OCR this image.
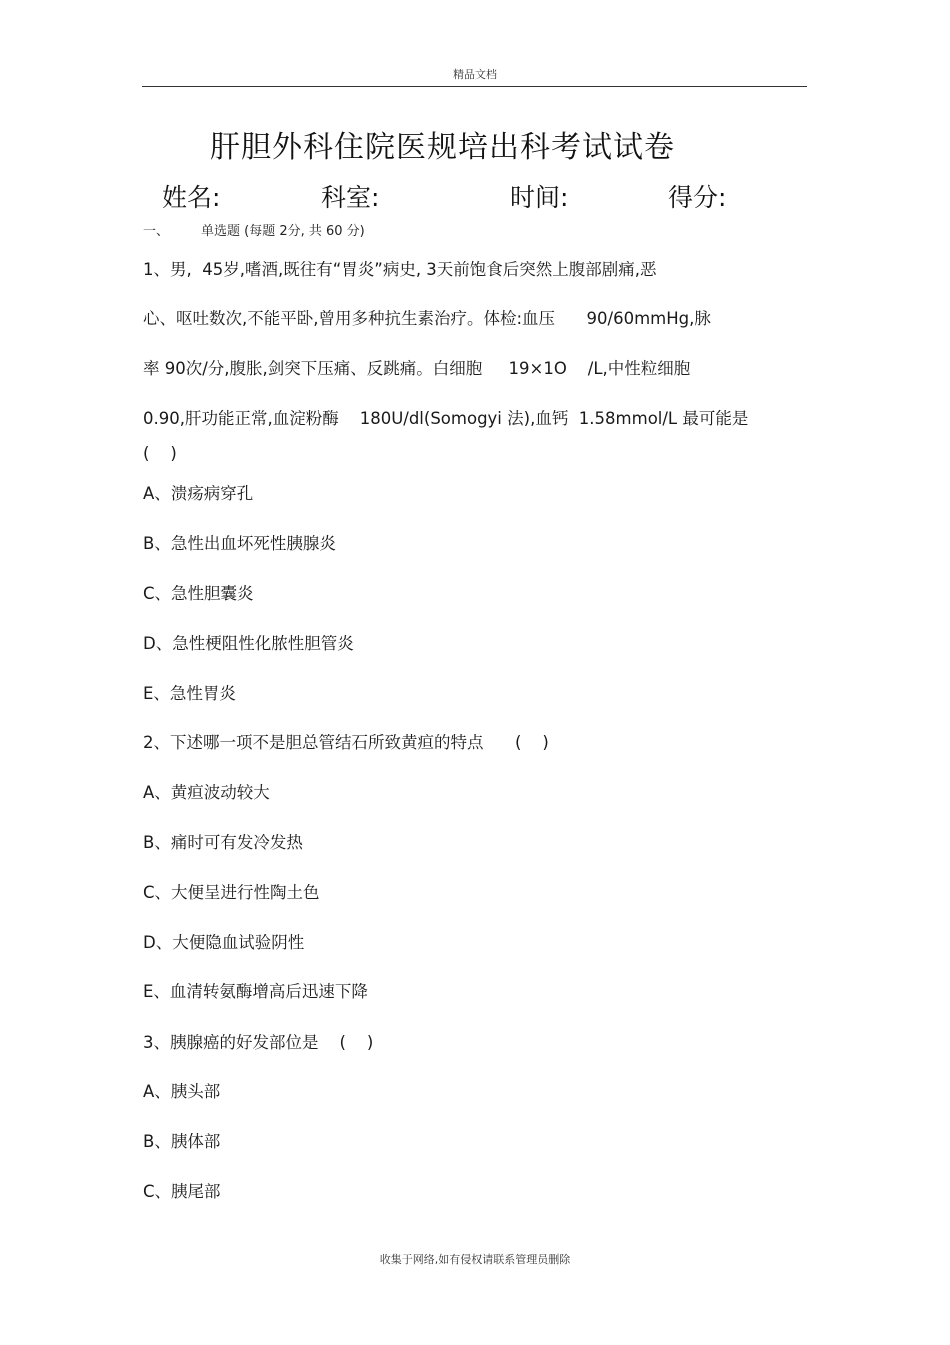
精品文档
肝胆外科住院医规培出科考试试卷
姓名:	科室:	时间:	得分:
一、 单选题 (每题 2分, 共 60 分)
1、男,  45岁,嗜酒,既往有“胃炎”病史, 3天前饱食后突然上腹部剧痛,恶
心、呕吐数次,不能平卧,曾用多种抗生素治疗。体检:血压      90/60mmHg,脉
率 90次/分,腹胀,剑突下压痛、反跳痛。白细胞     19×1O    /L,中性粒细胞
0.90,肝功能正常,血淀粉酶    180U/dl(Somogyi 法),血钙  1.58mmol/L 最可能是
(    )
A、溃疡病穿孔
B、急性出血坏死性胰腺炎
C、急性胆囊炎
D、急性梗阻性化脓性胆管炎
E、急性胃炎
2、下述哪一项不是胆总管结石所致黄疸的特点      (    )
A、黄疸波动较大
B、痛时可有发冷发热
C、大便呈进行性陶土色
D、大便隐血试验阴性
E、血清转氨酶增高后迅速下降
3、胰腺癌的好发部位是    (    )
A、胰头部
B、胰体部
C、胰尾部
收集于网络,如有侵权请联系管理员删除
